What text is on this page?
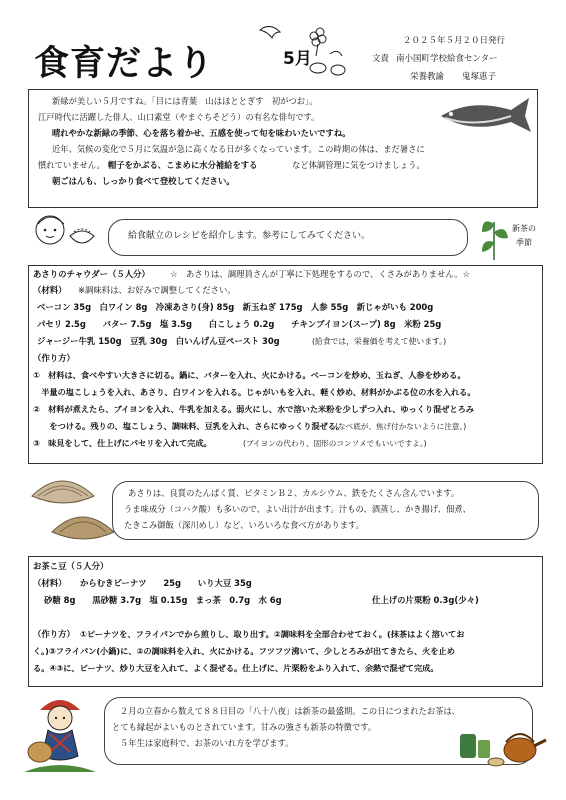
食育だより	5月
２０２５年５月２０日発行
文責 南小国町学校給食センター
栄養教諭 鬼塚恵子
新緑が美しい５月ですね。「目には青葉　山はほととぎす　初がつお」。
江戸時代に活躍した俳人、山口素堂（やまぐちそどう）の有名な俳句です。
晴れやかな新緑の季節、心を落ち着かせ、五感を使って旬を味わいたいですね。
近年、気候の変化で５月に気温が急に高くなる日が多くなっています。この時期の体は、まだ暑さに
慣れていません。 帽子をかぶる、こまめに水分補給をする	など体調管理に気をつけましょう。
朝ごはんも、しっかり食べて登校してください。
給食献立のレシピを紹介します。参考にしてみてください。
新茶の
季節
あさりのチャウダー（５人分） ☆　あさりは、調理員さんが丁寧に下処理をするので、くさみがありません。☆
（材料） ※調味料は、お好みで調整してください。
ベーコン 35g　白ワイン 8g　冷凍あさり(身) 85g　新玉ねぎ 175g　人参 55g　新じゃがいも 200g
パセリ 2.5g　　バター 7.5g　塩 3.5g　　白こしょう 0.2g　　チキンブイヨン(スープ) 8g　米粉 25g
ジャージー牛乳 150g　豆乳 30g　白いんげん豆ペースト 30g	(給食では，栄養価を考えて使います。)
（作り方）
①　材料は、食べやすい大きさに切る。鍋に、バターを入れ、火にかける。ベーコンを炒め、玉ねぎ、人参を炒める。
　半量の塩こしょうを入れ、あさり、白ワインを入れる。じゃがいもを入れ、軽く炒め、材料がかぶる位の水を入れる。
②　材料が煮えたら、ブイヨンを入れ、牛乳を加える。弱火にし、水で溶いた米粉を少しずつ入れ、ゆっくり混ぜとろみ
　　をつける。残りの、塩こしょう、調味料、豆乳を入れ、さらにゆっくり混ぜる。
(なべ底が、焦げ付かないように注意。)
③　味見をして、仕上げにパセリを入れて完成。	(ブイヨンの代わり、固形のコンソメでもいいですよ。)
あさりは、良質のたんぱく質、ビタミンＢ２、カルシウム、鉄をたくさん含んでいます。
うま味成分（コハク酸）も多いので、よい出汁が出ます。汁もの、酒蒸し、かき揚げ、佃煮、
たきこみ御飯（深川めし）など、いろいろな食べ方があります。
お茶こ豆（５人分）
（材料） からむきピーナツ　　25g　　いり大豆 35g
砂糖 8g　　黒砂糖 3.7g　塩 0.15g　まっ茶　0.7g　水 6g	仕上げの片栗粉 0.3g(少々)
（作り方） ①ピーナツを、フライパンでから煎りし、取り出す。②調味料を全部合わせておく。(抹茶はよく溶いてお
く。)③フライパン(小鍋)に、②の調味料を入れ、火にかける。フツフツ沸いて、少しとろみが出てきたら、火を止め
る。④③に、ピーナツ、炒り大豆を入れて、よく混ぜる。仕上げに、片栗粉をふり入れて、余熱で混ぜて完成。
２月の立春から数えて８８日目の「八十八夜」は新茶の最盛期。この日につまれたお茶は、
とても縁起がよいものとされています。甘みの強さも新茶の特徴です。
５年生は家庭科で、お茶のいれ方を学びます。
